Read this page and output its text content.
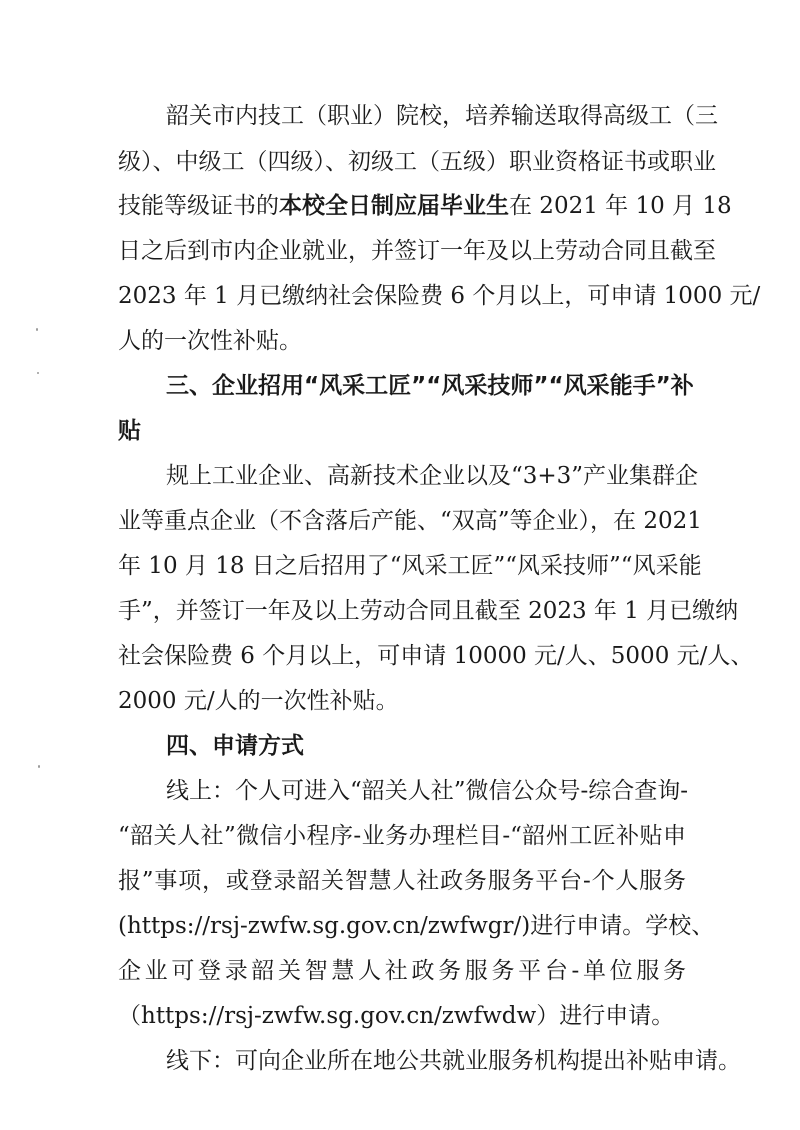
韶关市内技工（职业）院校，培养输送取得高级工（三
级）、中级工（四级）、初级工（五级）职业资格证书或职业
技能等级证书的本校全日制应届毕业生在 2021 年 10 月 18
日之后到市内企业就业，并签订一年及以上劳动合同且截至
2023 年 1 月已缴纳社会保险费 6 个月以上，可申请 1000 元/
人的一次性补贴。
三、企业招用“风采工匠”“风采技师”“风采能手”补
贴
规上工业企业、高新技术企业以及“3+3”产业集群企
业等重点企业（不含落后产能、“双高”等企业），在 2021
年 10 月 18 日之后招用了“风采工匠”“风采技师”“风采能
手”，并签订一年及以上劳动合同且截至 2023 年 1 月已缴纳
社会保险费 6 个月以上，可申请 10000 元/人、5000 元/人、
2000 元/人的一次性补贴。
四、申请方式
线上：个人可进入“韶关人社”微信公众号-综合查询-
“韶关人社”微信小程序-业务办理栏目-“韶州工匠补贴申
报”事项，或登录韶关智慧人社政务服务平台-个人服务
(https://rsj-zwfw.sg.gov.cn/zwfwgr/)进行申请。学校、
企业可登录韶关智慧人社政务服务平台-单位服务
（https://rsj-zwfw.sg.gov.cn/zwfwdw）进行申请。
线下：可向企业所在地公共就业服务机构提出补贴申请。
